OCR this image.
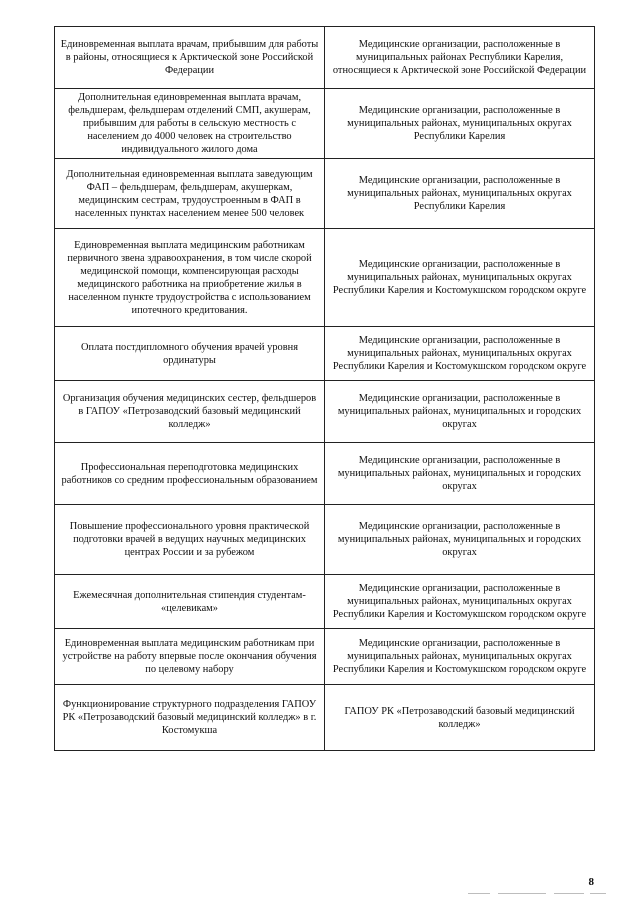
Единовременная выплата врачам, прибывшим для работы в районы, относящиеся к Арктической зоне Российской Федерации	Медицинские организации, расположенные в муниципальных районах Республики Карелия, относящиеся к Арктической зоне Российской Федерации
Дополнительная единовременная выплата врачам, фельдшерам, фельдшерам отделений СМП, акушерам, прибывшим для работы в сельскую местность с населением до 4000 человек на строительство индивидуального жилого дома	Медицинские организации, расположенные в муниципальных районах, муниципальных округах Республики Карелия
Дополнительная единовременная выплата заведующим ФАП – фельдшерам, фельдшерам, акушеркам, медицинским сестрам, трудоустроенным в ФАП в населенных пунктах населением менее 500 человек	Медицинские организации, расположенные в муниципальных районах, муниципальных округах Республики Карелия
Единовременная выплата медицинским работникам первичного звена здравоохранения, в том числе скорой медицинской помощи, компенсирующая расходы медицинского работника на приобретение жилья в населенном пункте трудоустройства с использованием ипотечного кредитования.	Медицинские организации, расположенные в муниципальных районах, муниципальных округах Республики Карелия и Костомукшском городском округе
Оплата постдипломного обучения врачей уровня ординатуры	Медицинские организации, расположенные в муниципальных районах, муниципальных округах Республики Карелия и Костомукшском городском округе
Организация обучения медицинских сестер, фельдшеров в ГАПОУ «Петрозаводский базовый медицинский колледж»	Медицинские организации, расположенные в муниципальных районах, муниципальных и городских округах
Профессиональная переподготовка медицинских работников со средним профессиональным образованием	Медицинские организации, расположенные в муниципальных районах, муниципальных и городских округах
Повышение профессионального уровня практической подготовки врачей в ведущих научных медицинских центрах России и за рубежом	Медицинские организации, расположенные в муниципальных районах, муниципальных и городских округах
Ежемесячная дополнительная стипендия студентам- «целевикам»	Медицинские организации, расположенные в муниципальных районах, муниципальных округах Республики Карелия и Костомукшском городском округе
Единовременная выплата медицинским работникам при устройстве на работу впервые после окончания обучения по целевому набору	Медицинские организации, расположенные в муниципальных районах, муниципальных округах Республики Карелия и Костомукшском городском округе
Функционирование структурного подразделения ГАПОУ РК «Петрозаводский базовый медицинский колледж» в г. Костомукша	ГАПОУ РК «Петрозаводский базовый медицинский колледж»
8
